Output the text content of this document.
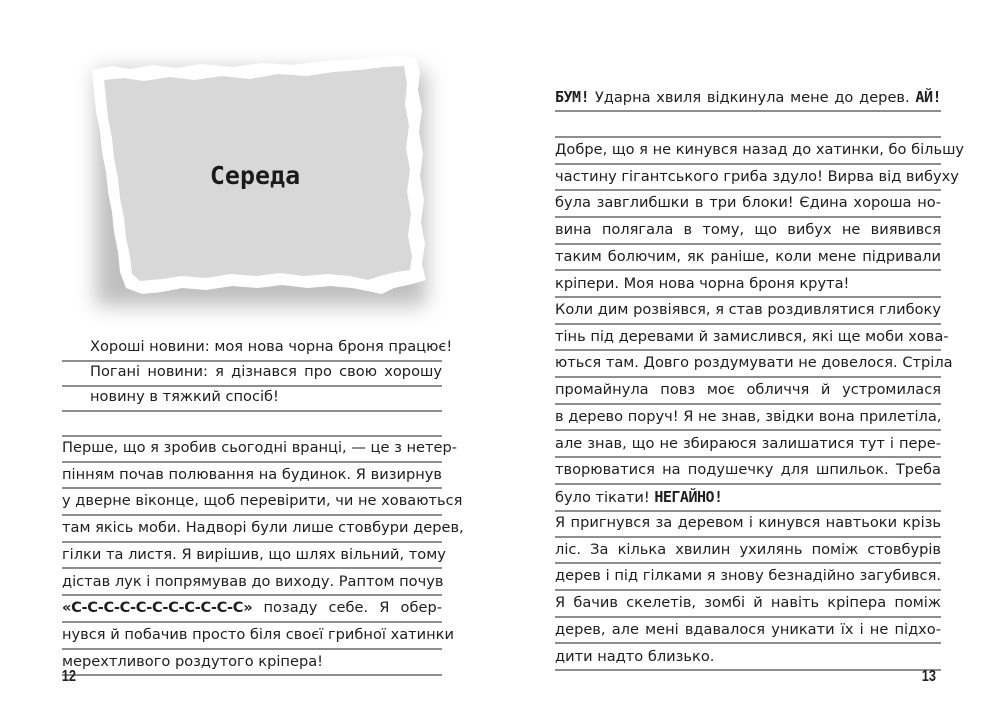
Середа
Хороші новини: моя нова чорна броня працює!
Погані новини: я дізнався про свою хорошу
новину в тяжкий спосіб!
Перше, що я зробив сьогодні вранці, — це з нетер-
пінням почав полювання на будинок. Я визирнув
у дверне віконце, щоб перевірити, чи не ховаються
там якісь моби. Надворі були лише стовбури дерев,
гілки та листя. Я вирішив, що шлях вільний, тому
дістав лук і попрямував до виходу. Раптом почув
«С-С-С-С-С-С-С-С-С-С-С» позаду себе. Я обер-
нувся й побачив просто біля своєї грибної хатинки
мерехтливого роздутого кріпера!
12
БУМ! Ударна хвиля відкинула мене до дерев. АЙ!
Добре, що я не кинувся назад до хатинки, бо більшу
частину гігантського гриба здуло! Вирва від вибуху
була завглибшки в три блоки! Єдина хороша но-
вина полягала в тому, що вибух не виявився
таким болючим, як раніше, коли мене підривали
кріпери. Моя нова чорна броня крута!
Коли дим розвіявся, я став роздивлятися глибоку
тінь під деревами й замислився, які ще моби хова-
ються там. Довго роздумувати не довелося. Стріла
промайнула повз моє обличчя й устромилася
в дерево поруч! Я не знав, звідки вона прилетіла,
але знав, що не збираюся залишатися тут і пере-
творюватися на подушечку для шпильок. Треба
було тікати! НЕГАЙНО!
Я пригнувся за деревом і кинувся навтьоки крізь
ліс. За кілька хвилин ухилянь поміж стовбурів
дерев і під гілками я знову безнадійно загубився.
Я бачив скелетів, зомбі й навіть кріпера поміж
дерев, але мені вдавалося уникати їх і не підхо-
дити надто близько.
13
